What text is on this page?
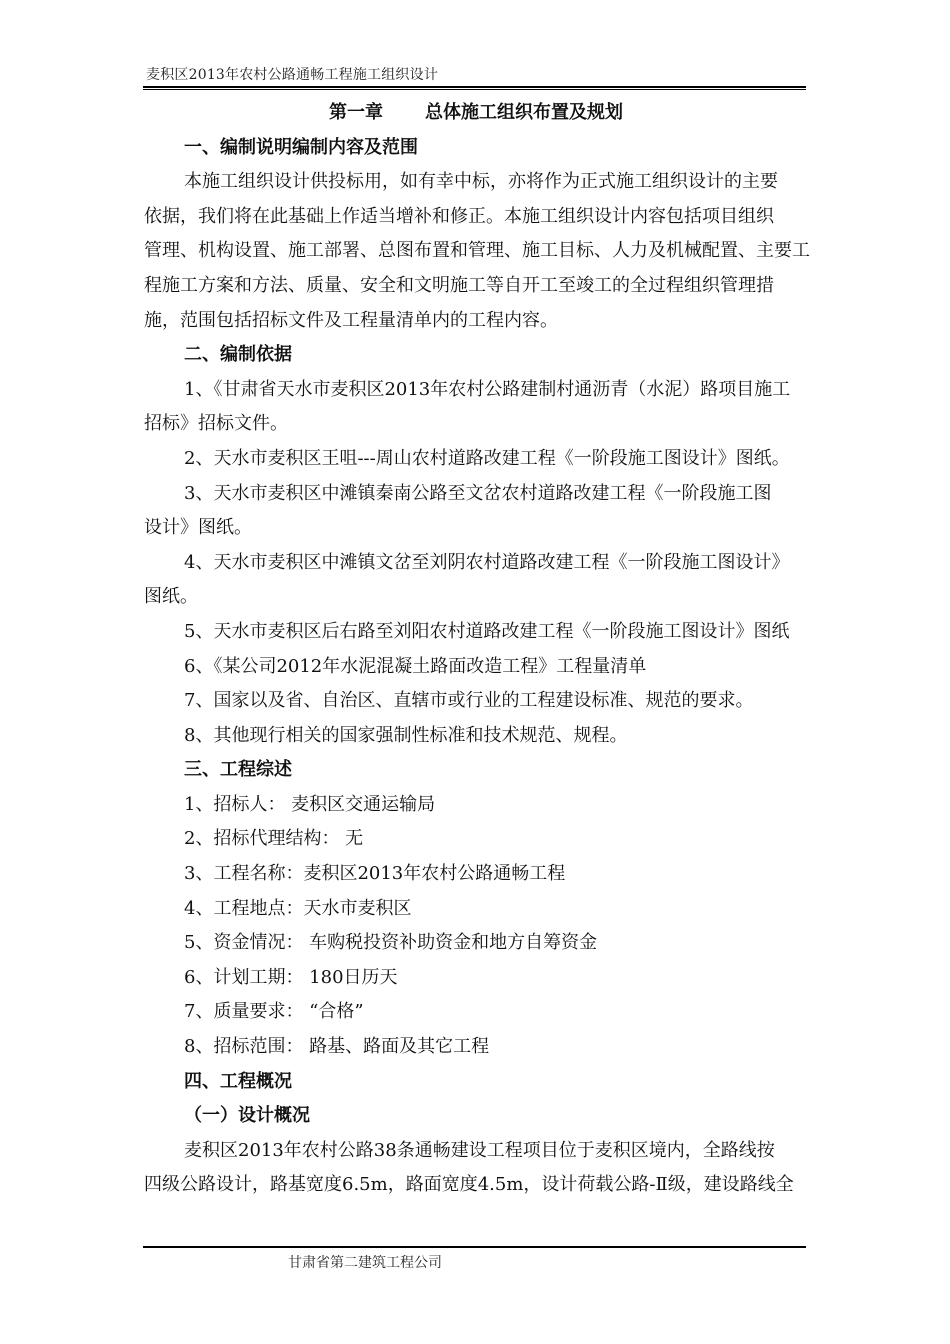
麦积区2013年农村公路通畅工程施工组织设计
第一章 总体施工组织布置及规划
一、编制说明编制内容及范围
本施工组织设计供投标用，如有幸中标，亦将作为正式施工组织设计的主要
依据，我们将在此基础上作适当增补和修正。本施工组织设计内容包括项目组织
管理、机构设置、施工部署、总图布置和管理、施工目标、人力及机械配置、主要工
程施工方案和方法、质量、安全和文明施工等自开工至竣工的全过程组织管理措
施，范围包括招标文件及工程量清单内的工程内容。
二、编制依据
1、《甘肃省天水市麦积区2013年农村公路建制村通沥青（水泥）路项目施工
招标》招标文件。
2、天水市麦积区王咀---周山农村道路改建工程《一阶段施工图设计》图纸。
3、天水市麦积区中滩镇秦南公路至文岔农村道路改建工程《一阶段施工图
设计》图纸。
4、天水市麦积区中滩镇文岔至刘阴农村道路改建工程《一阶段施工图设计》
图纸。
5、天水市麦积区后右路至刘阳农村道路改建工程《一阶段施工图设计》图纸
6、《某公司2012年水泥混凝土路面改造工程》工程量清单
7、国家以及省、自治区、直辖市或行业的工程建设标准、规范的要求。
8、其他现行相关的国家强制性标准和技术规范、规程。
三、工程综述
1、招标人： 麦积区交通运输局
2、招标代理结构： 无
3、工程名称：麦积区2013年农村公路通畅工程
4、工程地点：天水市麦积区
5、资金情况： 车购税投资补助资金和地方自筹资金
6、计划工期： 180日历天
7、质量要求： “合格”
8、招标范围： 路基、路面及其它工程
四、工程概况
（一）设计概况
麦积区2013年农村公路38条通畅建设工程项目位于麦积区境内，全路线按
四级公路设计，路基宽度6.5m，路面宽度4.5m，设计荷载公路-Ⅱ级，建设路线全
甘肃省第二建筑工程公司
